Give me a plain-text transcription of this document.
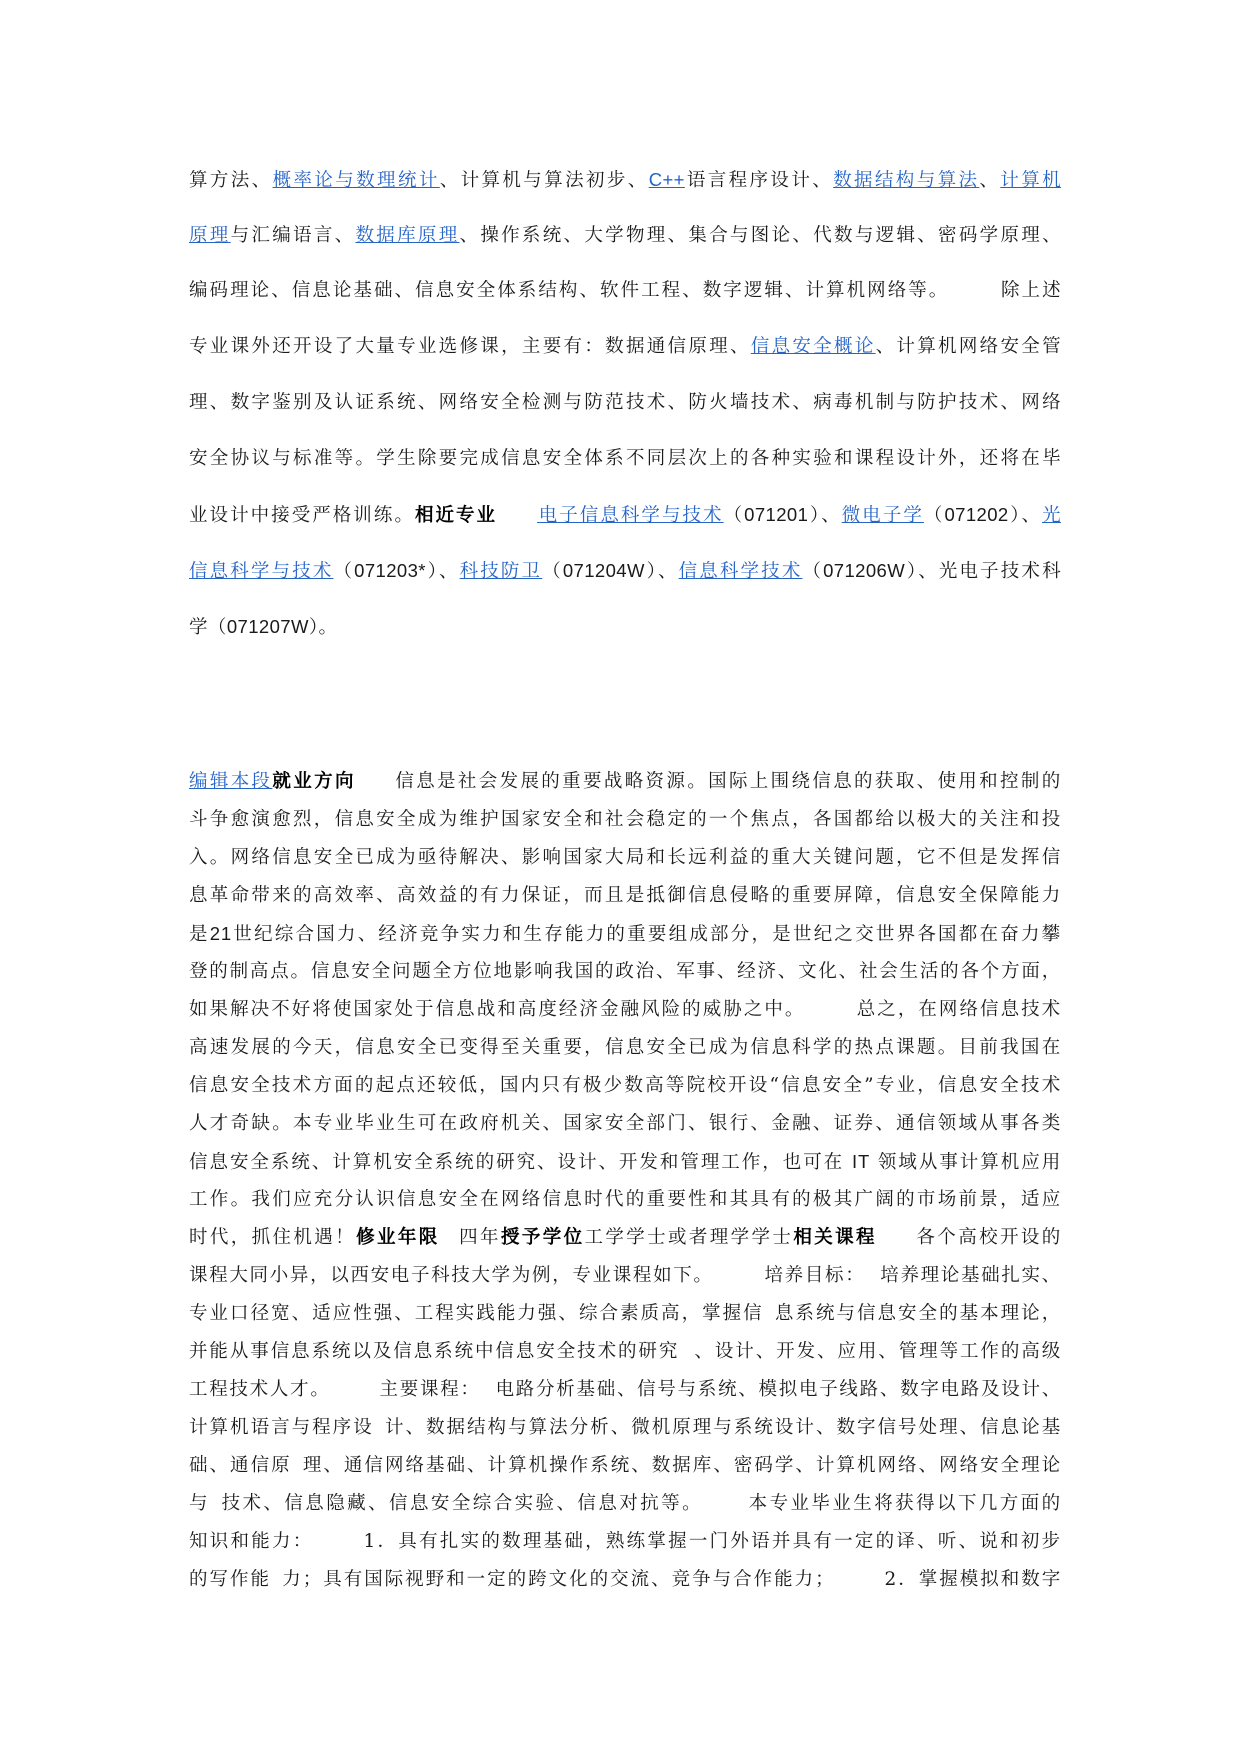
算方法、概率论与数理统计、计算机与算法初步、C++语言程序设计、数据结构与算法、计算机
原理与汇编语言、数据库原理、操作系统、大学物理、集合与图论、代数与逻辑、密码学原理、
编码理论、信息论基础、信息安全体系结构、软件工程、数字逻辑、计算机网络等。	除上述
专业课外还开设了大量专业选修课，主要有：数据通信原理、信息安全概论、计算机网络安全管
理、数字鉴别及认证系统、网络安全检测与防范技术、防火墙技术、病毒机制与防护技术、网络
安全协议与标准等。学生除要完成信息安全体系不同层次上的各种实验和课程设计外，还将在毕
业设计中接受严格训练。相近专业 电子信息科学与技术（071201）、微电子学（071202）、光
信息科学与技术（071203*）、科技防卫（071204W）、信息科学技术（071206W）、光电子技术科
学（071207W）。
编辑本段就业方向 信息是社会发展的重要战略资源。国际上围绕信息的获取、使用和控制的
斗争愈演愈烈，信息安全成为维护国家安全和社会稳定的一个焦点，各国都给以极大的关注和投
入。网络信息安全已成为亟待解决、影响国家大局和长远利益的重大关键问题，它不但是发挥信
息革命带来的高效率、高效益的有力保证，而且是抵御信息侵略的重要屏障，信息安全保障能力
是21世纪综合国力、经济竞争实力和生存能力的重要组成部分，是世纪之交世界各国都在奋力攀
登的制高点。信息安全问题全方位地影响我国的政治、军事、经济、文化、社会生活的各个方面，
如果解决不好将使国家处于信息战和高度经济金融风险的威胁之中。	总之，在网络信息技术
高速发展的今天，信息安全已变得至关重要，信息安全已成为信息科学的热点课题。目前我国在
信息安全技术方面的起点还较低，国内只有极少数高等院校开设“信息安全”专业，信息安全技术
人才奇缺。本专业毕业生可在政府机关、国家安全部门、银行、金融、证券、通信领域从事各类
信息安全系统、计算机安全系统的研究、设计、开发和管理工作，也可在 IT 领域从事计算机应用
工作。我们应充分认识信息安全在网络信息时代的重要性和其具有的极其广阔的市场前景，适应
时代，抓住机遇！修业年限 四年授予学位工学学士或者理学学士相关课程 各个高校开设的
课程大同小异，以西安电子科技大学为例，专业课程如下。	培养目标： 培养理论基础扎实、
专业口径宽、适应性强、工程实践能力强、综合素质高，掌握信 息系统与信息安全的基本理论，
并能从事信息系统以及信息系统中信息安全技术的研究 、设计、开发、应用、管理等工作的高级
工程技术人才。	主要课程： 电路分析基础、信号与系统、模拟电子线路、数字电路及设计、
计算机语言与程序设 计、数据结构与算法分析、微机原理与系统设计、数字信号处理、信息论基
础、通信原 理、通信网络基础、计算机操作系统、数据库、密码学、计算机网络、网络安全理论
与 技术、信息隐藏、信息安全综合实验、信息对抗等。 本专业毕业生将获得以下几方面的
知识和能力：	1．具有扎实的数理基础，熟练掌握一门外语并具有一定的译、听、说和初步
的写作能 力；具有国际视野和一定的跨文化的交流、竞争与合作能力；	2．掌握模拟和数字
